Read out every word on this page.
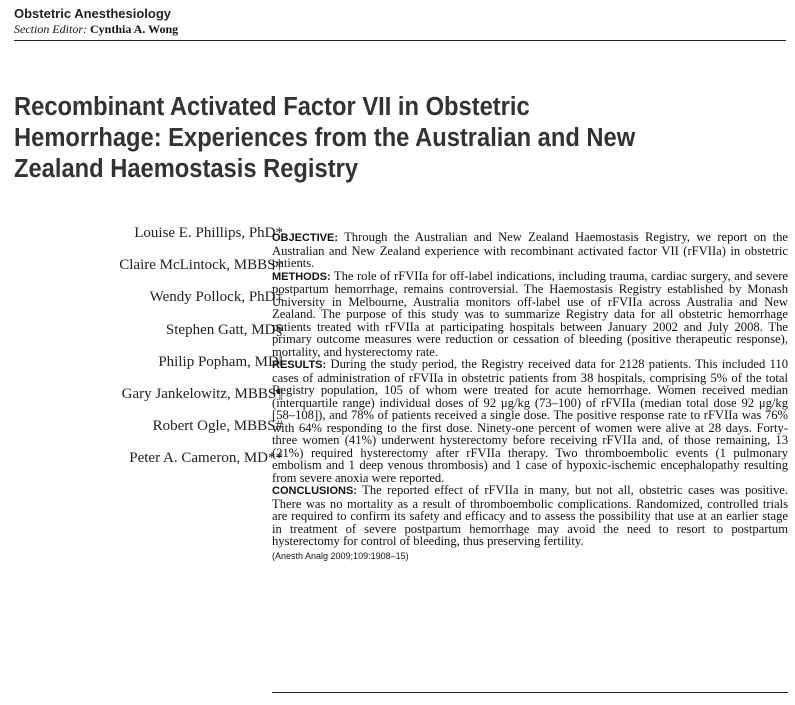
Obstetric Anesthesiology
Section Editor: Cynthia A. Wong
Recombinant Activated Factor VII in Obstetric
Hemorrhage: Experiences from the Australian and New
Zealand Haemostasis Registry
Louise E. Phillips, PhD*
Claire McLintock, MBBS†
Wendy Pollock, PhD‡
Stephen Gatt, MD§
Philip Popham, MD‖
Gary Jankelowitz, MBBS¶
Robert Ogle, MBBS#
Peter A. Cameron, MD**

OBJECTIVE: Through the Australian and New Zealand Haemostasis Registry, we report on the Australian and New Zealand experience with recombinant activated factor VII (rFVIIa) in obstetric patients.

METHODS: The role of rFVIIa for off-label indications, including trauma, cardiac surgery, and severe postpartum hemorrhage, remains controversial. The Haemostasis Registry established by Monash University in Melbourne, Australia monitors off-label use of rFVIIa across Australia and New Zealand. The purpose of this study was to summarize Registry data for all obstetric hemorrhage patients treated with rFVIIa at participating hospitals between January 2002 and July 2008. The primary outcome measures were reduction or cessation of bleeding (positive therapeutic response), mortality, and hysterectomy rate.

RESULTS: During the study period, the Registry received data for 2128 patients. This included 110 cases of administration of rFVIIa in obstetric patients from 38 hospitals, comprising 5% of the total Registry population, 105 of whom were treated for acute hemorrhage. Women received median (interquartile range) individual doses of 92 μg/kg (73–100) of rFVIIa (median total dose 92 μg/kg [58–108]), and 78% of patients received a single dose. The positive response rate to rFVIIa was 76% with 64% responding to the first dose. Ninety-one percent of women were alive at 28 days. Forty-three women (41%) underwent hysterectomy before receiving rFVIIa and, of those remaining, 13 (21%) required hysterectomy after rFVIIa therapy. Two thromboembolic events (1 pulmonary embolism and 1 deep venous thrombosis) and 1 case of hypoxic-ischemic encephalopathy resulting from severe anoxia were reported.

CONCLUSIONS: The reported effect of rFVIIa in many, but not all, obstetric cases was positive. There was no mortality as a result of thromboembolic complications. Randomized, controlled trials are required to confirm its safety and efficacy and to assess the possibility that use at an earlier stage in treatment of severe postpartum hemorrhage may avoid the need to resort to postpartum hysterectomy for control of bleeding, thus preserving fertility.

(Anesth Analg 2009;109:1908–15)
